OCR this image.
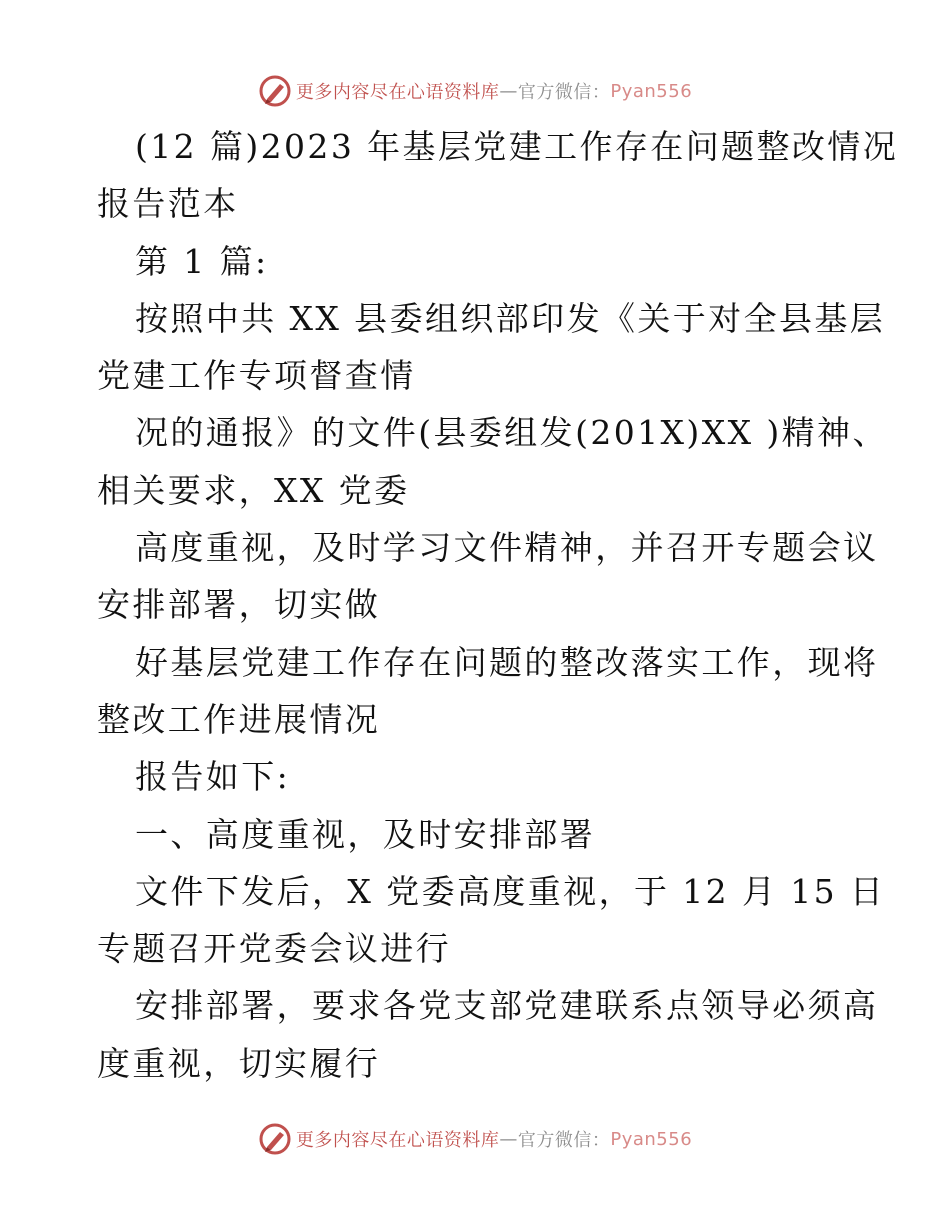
更多内容尽在心语资料库 — 官方微信： Pyan556
(12 篇)2023 年基层党建工作存在问题整改情况
报告范本
第 1 篇:
按照中共 XX 县委组织部印发《关于对全县基层
党建工作专项督查情
况的通报》的文件(县委组发(201X)XX )精神、
相关要求，XX 党委
高度重视，及时学习文件精神，并召开专题会议
安排部署，切实做
好基层党建工作存在问题的整改落实工作，现将
整改工作进展情况
报告如下:
一、高度重视，及时安排部署
文件下发后，X 党委高度重视，于 12 月 15 日
专题召开党委会议进行
安排部署，要求各党支部党建联系点领导必须高
度重视，切实履行
更多内容尽在心语资料库 — 官方微信： Pyan556
